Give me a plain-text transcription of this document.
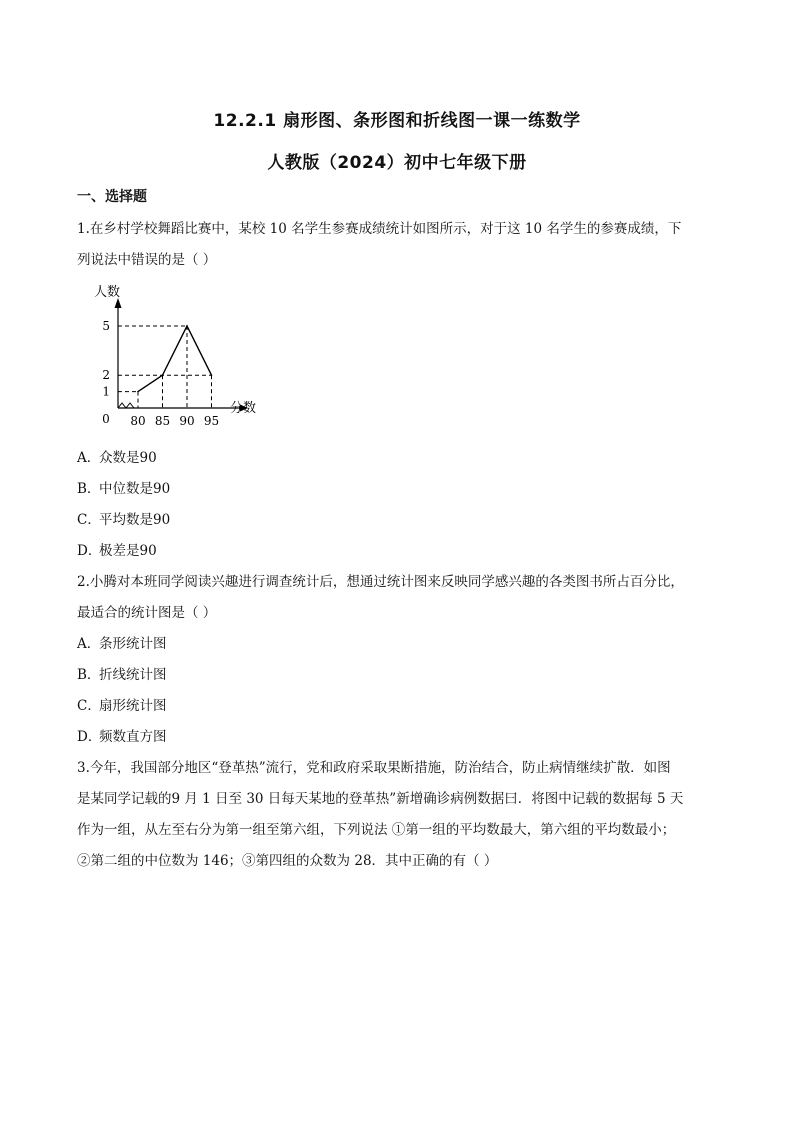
12.2.1 扇形图、条形图和折线图一课一练数学
人教版（2024）初中七年级下册
一、选择题
1.在乡村学校舞蹈比赛中，某校 10 名学生参赛成绩统计如图所示，对于这 10 名学生的参赛成绩，下
列说法中错误的是（ ）
80 85 90 95
1
2
5
0
人数
分数
A．众数是90
B．中位数是90
C．平均数是90
D．极差是90
2.小腾对本班同学阅读兴趣进行调查统计后，想通过统计图来反映同学感兴趣的各类图书所占百分比，
最适合的统计图是（ ）
A．条形统计图
B．折线统计图
C．扇形统计图
D．频数直方图
3.今年，我国部分地区“登革热”流行，党和政府采取果断措施，防治结合，防止病情继续扩散．如图
是某同学记载的9 月 1 日至 30 日每天某地的登革热”新增确诊病例数据曰．将图中记载的数据每 5 天
作为一组，从左至右分为第一组至第六组，下列说法 ①第一组的平均数最大，第六组的平均数最小；
②第二组的中位数为 146；③第四组的众数为 28．其中正确的有（ ）
